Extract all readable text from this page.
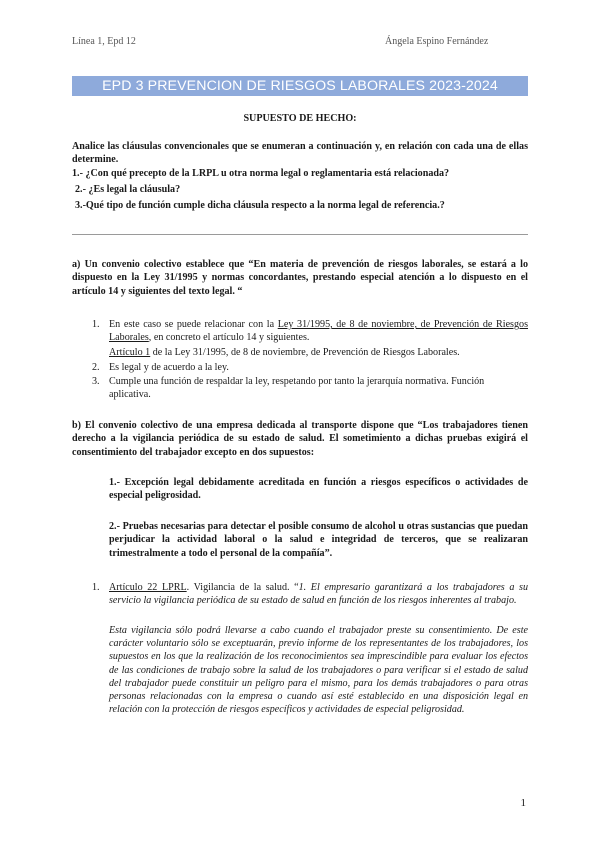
Línea 1, Epd 12	Ángela Espino Fernández
EPD 3 PREVENCION DE RIESGOS LABORALES 2023-2024
SUPUESTO DE HECHO:
Analice las cláusulas convencionales que se enumeran a continuación y, en relación con cada una de ellas determine.
1.- ¿Con qué precepto de la LRPL u otra norma legal o reglamentaria está relacionada?
2.- ¿Es legal la cláusula?
3.-Qué tipo de función cumple dicha cláusula respecto a la norma legal de referencia.?
a) Un convenio colectivo establece que “En materia de prevención de riesgos laborales, se estará a lo dispuesto en la Ley 31/1995 y normas concordantes, prestando especial atención a lo dispuesto en el artículo 14 y siguientes del texto legal. “
1. En este caso se puede relacionar con la Ley 31/1995, de 8 de noviembre, de Prevención de Riesgos Laborales, en concreto el artículo 14 y siguientes.
Artículo 1 de la Ley 31/1995, de 8 de noviembre, de Prevención de Riesgos Laborales.
2. Es legal y de acuerdo a la ley.
3. Cumple una función de respaldar la ley, respetando por tanto la jerarquía normativa. Función aplicativa.
b) El convenio colectivo de una empresa dedicada al transporte dispone que “Los trabajadores tienen derecho a la vigilancia periódica de su estado de salud. El sometimiento a dichas pruebas exigirá el consentimiento del trabajador excepto en dos supuestos:
1.- Excepción legal debidamente acreditada en función a riesgos específicos o actividades de especial peligrosidad.
2.- Pruebas necesarias para detectar el posible consumo de alcohol u otras sustancias que puedan perjudicar la actividad laboral o la salud e integridad de terceros, que se realizaran trimestralmente a todo el personal de la compañía”.
1. Artículo 22 LPRL. Vigilancia de la salud. “1. El empresario garantizará a los trabajadores a su servicio la vigilancia periódica de su estado de salud en función de los riesgos inherentes al trabajo.
Esta vigilancia sólo podrá llevarse a cabo cuando el trabajador preste su consentimiento. De este carácter voluntario sólo se exceptuarán, previo informe de los representantes de los trabajadores, los supuestos en los que la realización de los reconocimientos sea imprescindible para evaluar los efectos de las condiciones de trabajo sobre la salud de los trabajadores o para verificar si el estado de salud del trabajador puede constituir un peligro para el mismo, para los demás trabajadores o para otras personas relacionadas con la empresa o cuando así esté establecido en una disposición legal en relación con la protección de riesgos específicos y actividades de especial peligrosidad.
1
